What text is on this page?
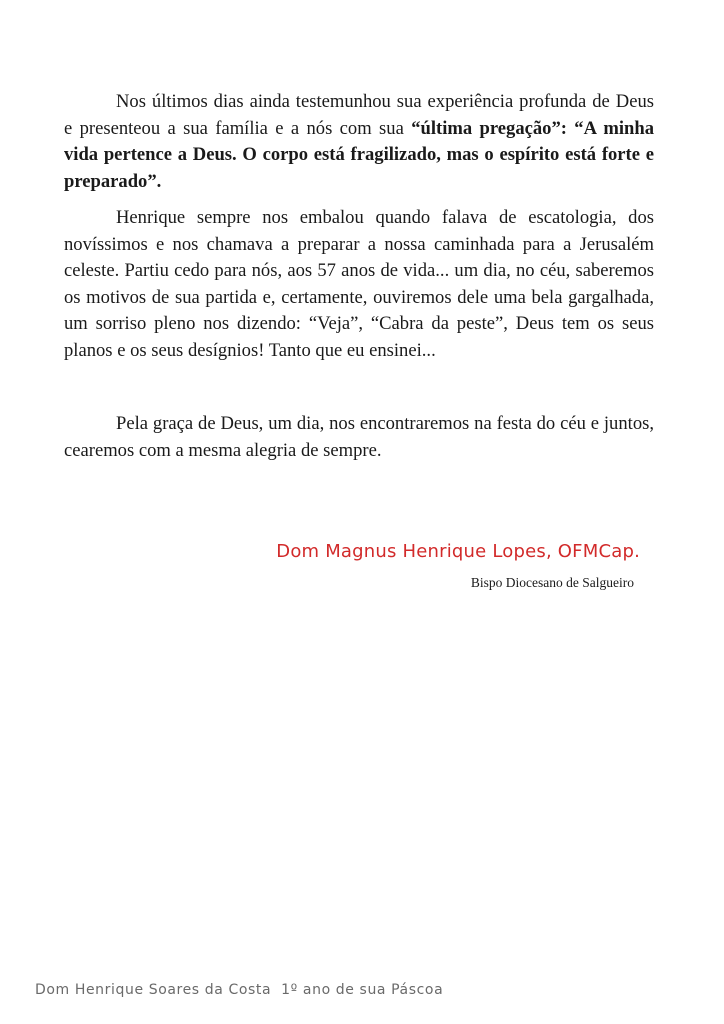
Nos últimos dias ainda testemunhou sua experiência profunda de Deus e presenteou a sua família e a nós com sua “última pregação”: “A minha vida pertence a Deus. O corpo está fragilizado, mas o espírito está forte e preparado”.

Henrique sempre nos embalou quando falava de escatologia, dos novíssimos e nos chamava a preparar a nossa caminhada para a Jerusalém celeste. Partiu cedo para nós, aos 57 anos de vida... um dia, no céu, saberemos os motivos de sua partida e, certamente, ouviremos dele uma bela gargalhada, um sorriso pleno nos dizendo: “Veja”, “Cabra da peste”, Deus tem os seus planos e os seus desígnios! Tanto que eu ensinei...

Pela graça de Deus, um dia, nos encontraremos na festa do céu e juntos, cearemos com a mesma alegria de sempre.

Dom Magnus Henrique Lopes, OFMCap.
Bispo Diocesano de Salgueiro
Dom Henrique Soares da Costa 1º ano de sua Páscoa
